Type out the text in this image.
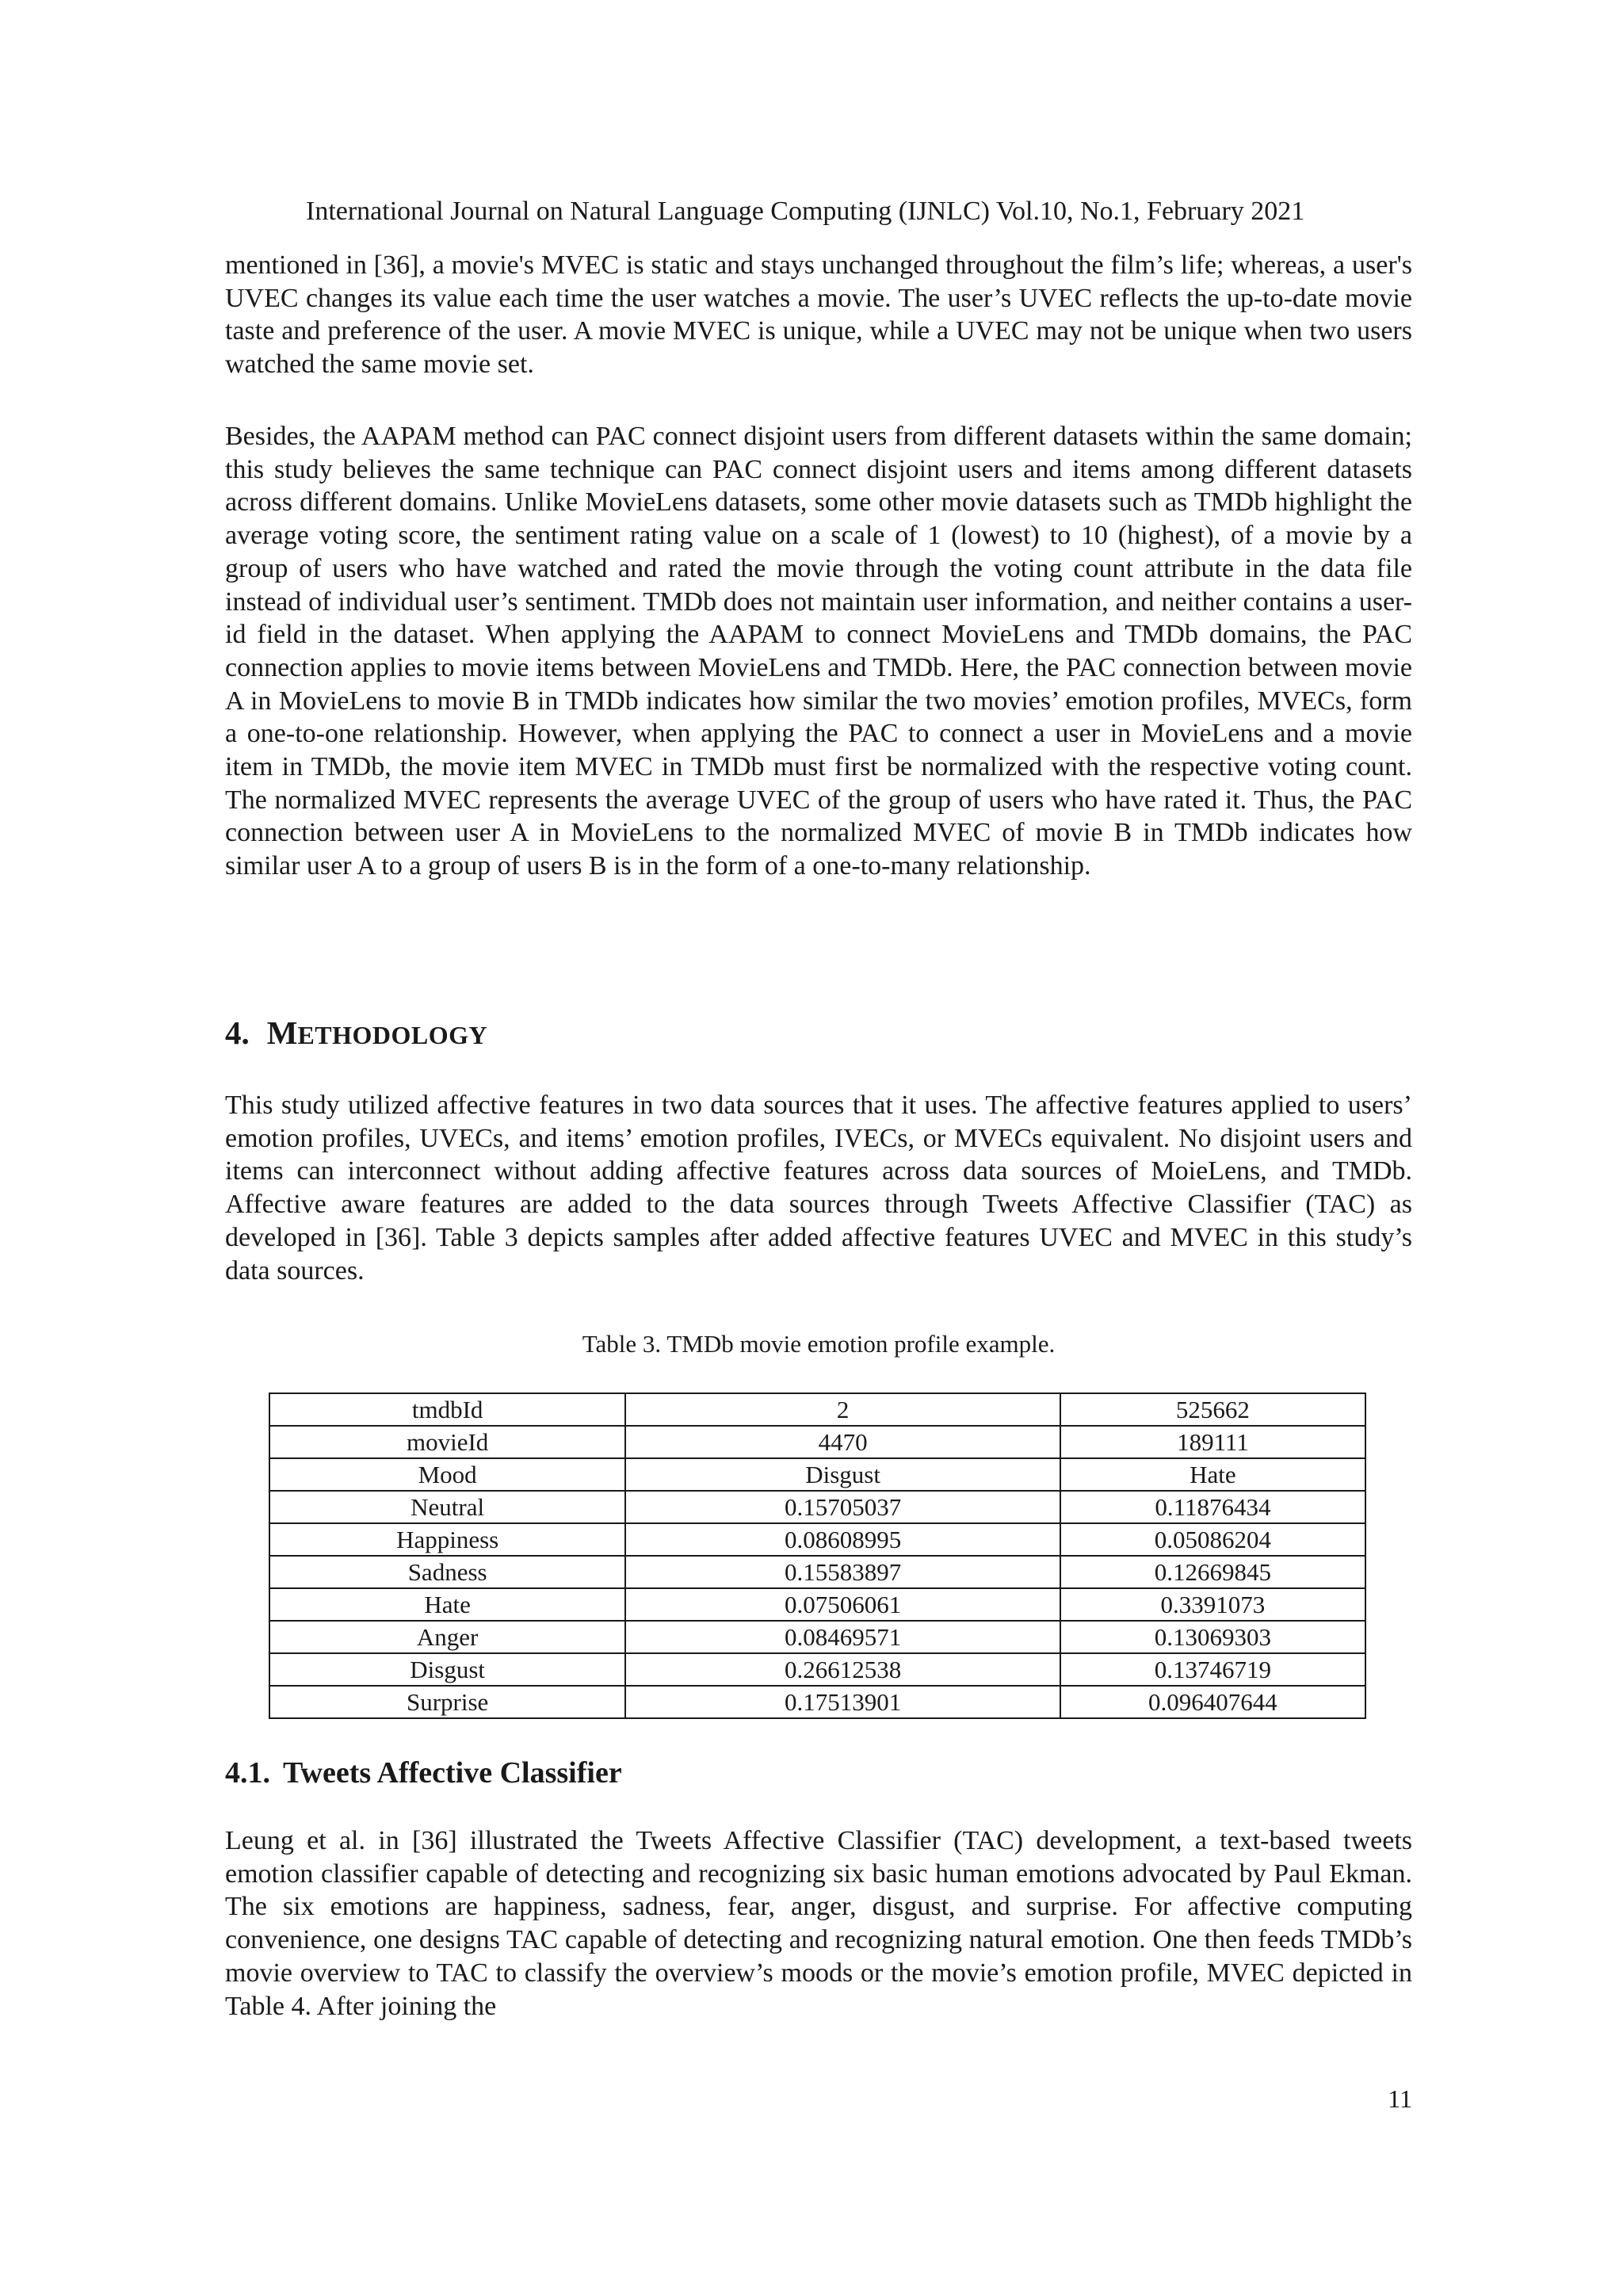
International Journal on Natural Language Computing (IJNLC) Vol.10, No.1, February 2021

mentioned in [36], a movie's MVEC is static and stays unchanged throughout the film’s life; whereas, a user's UVEC changes its value each time the user watches a movie. The user’s UVEC reflects the up-to-date movie taste and preference of the user. A movie MVEC is unique, while a UVEC may not be unique when two users watched the same movie set.

Besides, the AAPAM method can PAC connect disjoint users from different datasets within the same domain; this study believes the same technique can PAC connect disjoint users and items among different datasets across different domains. Unlike MovieLens datasets, some other movie datasets such as TMDb highlight the average voting score, the sentiment rating value on a scale of 1 (lowest) to 10 (highest), of a movie by a group of users who have watched and rated the movie through the voting count attribute in the data file instead of individual user’s sentiment. TMDb does not maintain user information, and neither contains a user-id field in the dataset. When applying the AAPAM to connect MovieLens and TMDb domains, the PAC connection applies to movie items between MovieLens and TMDb. Here, the PAC connection between movie A in MovieLens to movie B in TMDb indicates how similar the two movies’ emotion profiles, MVECs, form a one-to-one relationship. However, when applying the PAC to connect a user in MovieLens and a movie item in TMDb, the movie item MVEC in TMDb must first be normalized with the respective voting count. The normalized MVEC represents the average UVEC of the group of users who have rated it. Thus, the PAC connection between user A in MovieLens to the normalized MVEC of movie B in TMDb indicates how similar user A to a group of users B is in the form of a one-to-many relationship.

4. METHODOLOGY

This study utilized affective features in two data sources that it uses. The affective features applied to users’ emotion profiles, UVECs, and items’ emotion profiles, IVECs, or MVECs equivalent. No disjoint users and items can interconnect without adding affective features across data sources of MoieLens, and TMDb. Affective aware features are added to the data sources through Tweets Affective Classifier (TAC) as developed in [36]. Table 3 depicts samples after added affective features UVEC and MVEC in this study’s data sources.

Table 3. TMDb movie emotion profile example.
tmdbId	2	525662
movieId	4470	189111
Mood	Disgust	Hate
Neutral	0.15705037	0.11876434
Happiness	0.08608995	0.05086204
Sadness	0.15583897	0.12669845
Hate	0.07506061	0.3391073
Anger	0.08469571	0.13069303
Disgust	0.26612538	0.13746719
Surprise	0.17513901	0.096407644
4.1. Tweets Affective Classifier

Leung et al. in [36] illustrated the Tweets Affective Classifier (TAC) development, a text-based tweets emotion classifier capable of detecting and recognizing six basic human emotions advocated by Paul Ekman. The six emotions are happiness, sadness, fear, anger, disgust, and surprise. For affective computing convenience, one designs TAC capable of detecting and recognizing natural emotion. One then feeds TMDb’s movie overview to TAC to classify the overview’s moods or the movie’s emotion profile, MVEC depicted in Table 4. After joining the

11
